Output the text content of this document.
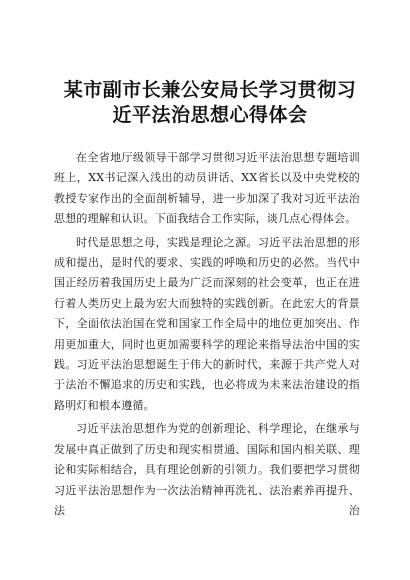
某市副市长兼公安局长学习贯彻习
近平法治思想心得体会

在全省地厅级领导干部学习贯彻习近平法治思想专题培训班上，XX书记深入浅出的动员讲话、XX省长以及中央党校的教授专家作出的全面剖析辅导，进一步加深了我对习近平法治思想的理解和认识。下面我结合工作实际，谈几点心得体会。

时代是思想之母，实践是理论之源。习近平法治思想的形成和提出，是时代的要求、实践的呼唤和历史的必然。当代中国正经历着我国历史上最为广泛而深刻的社会变革，也正在进行着人类历史上最为宏大而独特的实践创新。在此宏大的背景下，全面依法治国在党和国家工作全局中的地位更加突出、作用更加重大，同时也更加需要科学的理论来指导法治中国的实践。习近平法治思想诞生于伟大的新时代，来源于共产党人对于法治不懈追求的历史和实践，也必将成为未来法治建设的指路明灯和根本遵循。

习近平法治思想作为党的创新理论、科学理论，在继承与发展中真正做到了历史和现实相贯通、国际和国内相关联、理论和实际相结合，具有理论创新的引领力。我们要把学习贯彻习近平法治思想作为一次法治精神再洗礼、法治素养再提升、法治
